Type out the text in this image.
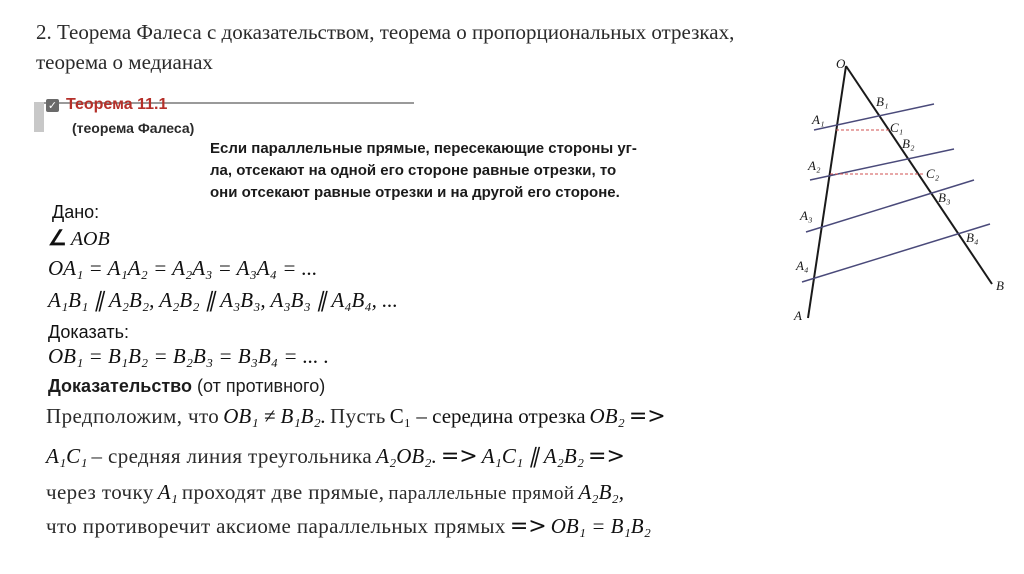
2. Теорема Фалеса с доказательством, теорема о пропорциональных отрезках,
теорема о медианах
✓ Теорема 11.1
(теорема Фалеса)
Если параллельные прямые, пересекающие стороны уг-
ла, отсекают на одной его стороне равные отрезки, то
они отсекают равные отрезки и на другой его стороне.
Дано:
∠ AOB
OA₁ = A₁A₂ = A₂A₃ = A₃A₄ = ...
A₁B₁ ∥ A₂B₂, A₂B₂ ∥ A₃B₃, A₃B₃ ∥ A₄B₄, ...
Доказать:
OB₁ = B₁B₂ = B₂B₃ = B₃B₄ = ... .
Доказательство (от противного)
Предположим, что OB₁ ≠ B₁B₂. Пусть C₁ – середина отрезка OB₂ =>
A₁C₁ – средняя линия треугольника A₂OB₂. => A₁C₁ ∥ A₂B₂ =>
через точку A₁ проходят две прямые, параллельные прямой A₂B₂,
что противоречит аксиоме параллельных прямых => OB₁ = B₁B₂
O
A
B
A₁
A₂
A₃
A₄
B₁
C₁
B₂
C₂
B₃
B₄
